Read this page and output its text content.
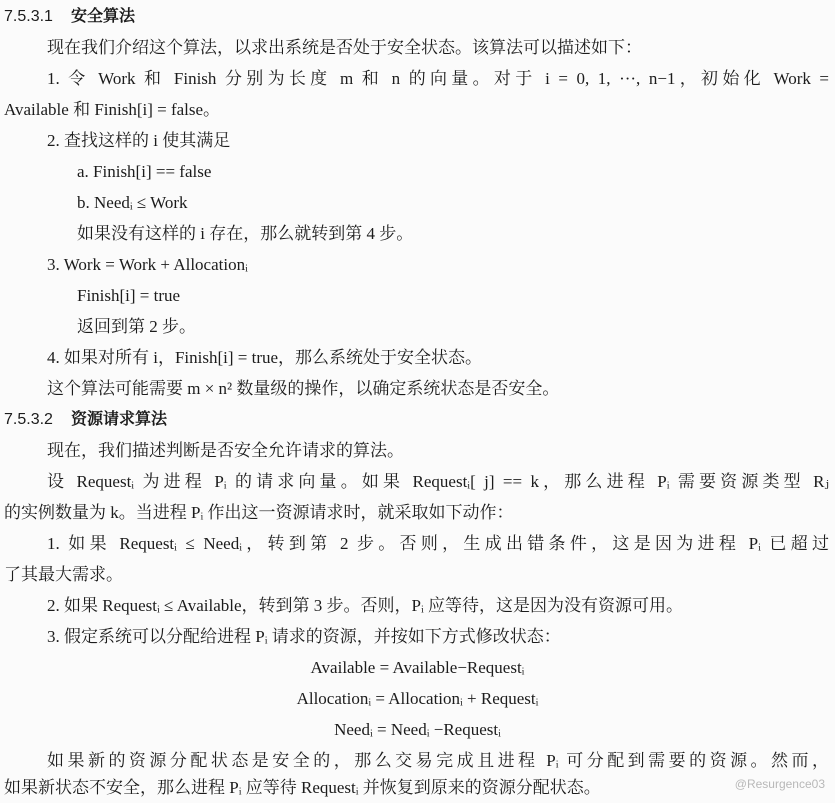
7.5.3.1 安全算法
现在我们介绍这个算法，以求出系统是否处于安全状态。该算法可以描述如下：
1. 令 Work 和 Finish 分别为长度 m 和 n 的向量。对于 i = 0, 1, ···, n−1，初始化 Work =
Available 和 Finish[i] = false。
2. 查找这样的 i 使其满足
a. Finish[i] == false
b. Needᵢ ≤ Work
如果没有这样的 i 存在，那么就转到第 4 步。
3. Work = Work + Allocationᵢ
Finish[i] = true
返回到第 2 步。
4. 如果对所有 i，Finish[i] = true，那么系统处于安全状态。
这个算法可能需要 m × n² 数量级的操作，以确定系统状态是否安全。
7.5.3.2 资源请求算法
现在，我们描述判断是否安全允许请求的算法。
设 Requestᵢ 为进程 Pᵢ 的请求向量。如果 Requestᵢ[ j] == k，那么进程 Pᵢ 需要资源类型 Rⱼ
的实例数量为 k。当进程 Pᵢ 作出这一资源请求时，就采取如下动作：
1. 如果 Requestᵢ ≤ Needᵢ，转到第 2 步。否则，生成出错条件，这是因为进程 Pᵢ 已超过
了其最大需求。
2. 如果 Requestᵢ ≤ Available，转到第 3 步。否则，Pᵢ 应等待，这是因为没有资源可用。
3. 假定系统可以分配给进程 Pᵢ 请求的资源，并按如下方式修改状态：
Available = Available−Requestᵢ
Allocationᵢ = Allocationᵢ + Requestᵢ
Needᵢ = Needᵢ −Requestᵢ
如果新的资源分配状态是安全的，那么交易完成且进程 Pᵢ 可分配到需要的资源。然而，
如果新状态不安全，那么进程 Pᵢ 应等待 Requestᵢ 并恢复到原来的资源分配状态。	@Resurgence03
